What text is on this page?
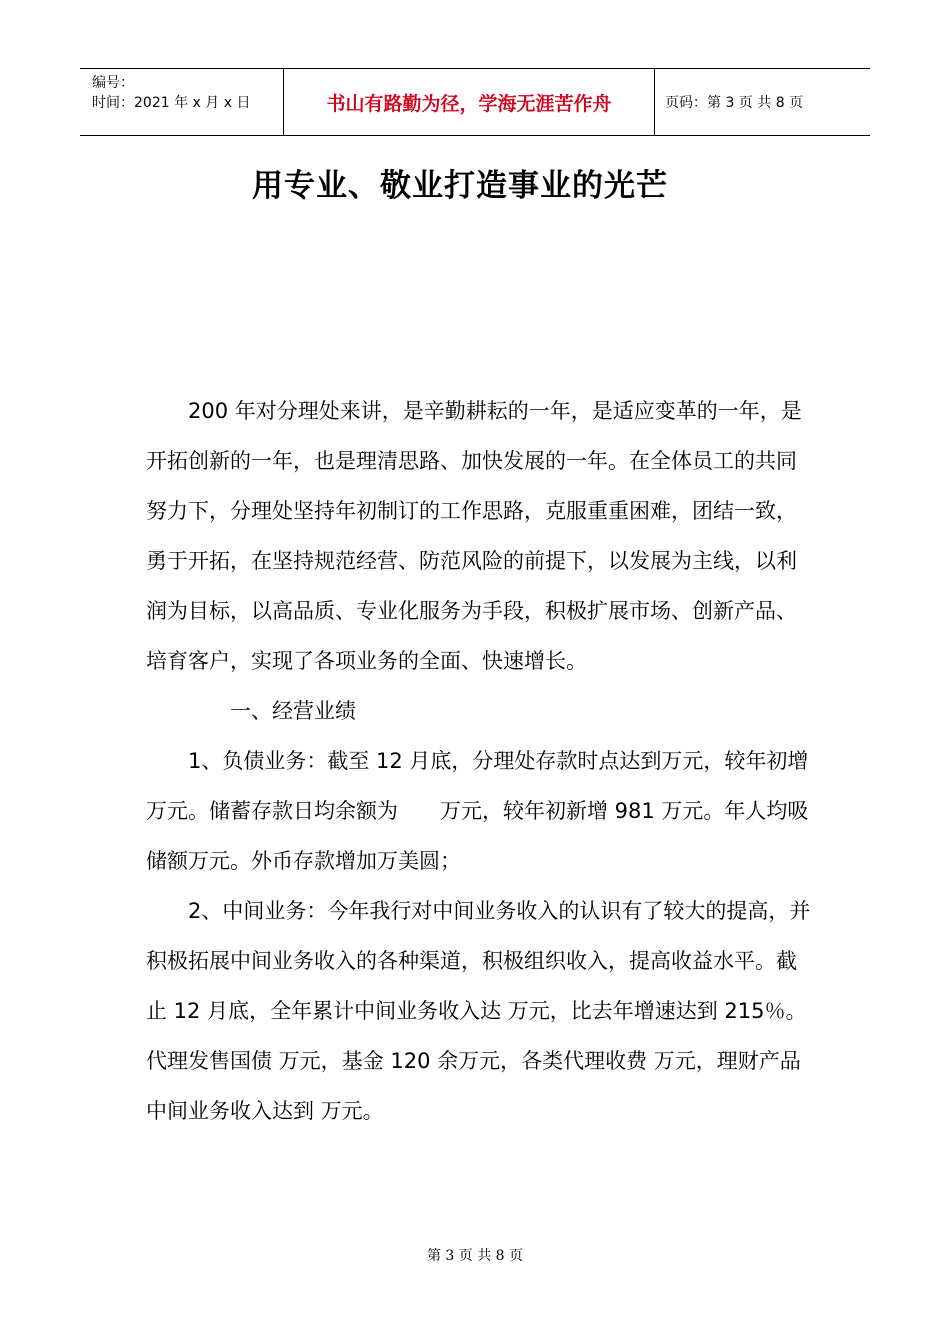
编号：
时间：2021 年 x 月 x 日	书山有路勤为径，学海无涯苦作舟	页码：第 3 页 共 8 页
用专业、敬业打造事业的光芒

　　200 年对分理处来讲，是辛勤耕耘的一年，是适应变革的一年，是开拓创新的一年，也是理清思路、加快发展的一年。在全体员工的共同努力下，分理处坚持年初制订的工作思路，克服重重困难，团结一致，勇于开拓，在坚持规范经营、防范风险的前提下，以发展为主线，以利润为目标，以高品质、专业化服务为手段，积极扩展市场、创新产品、培育客户，实现了各项业务的全面、快速增长。

　　　　一、经营业绩

　　1、负债业务：截至 12 月底，分理处存款时点达到万元，较年初增万元。储蓄存款日均余额为　　万元，较年初新增 981 万元。年人均吸储额万元。外币存款增加万美圆；

　　2、中间业务：今年我行对中间业务收入的认识有了较大的提高，并积极拓展中间业务收入的各种渠道，积极组织收入，提高收益水平。截止 12 月底，全年累计中间业务收入达 万元，比去年增速达到 215％。代理发售国债 万元，基金 120 余万元，各类代理收费 万元，理财产品中间业务收入达到 万元。

第 3 页 共 8 页
